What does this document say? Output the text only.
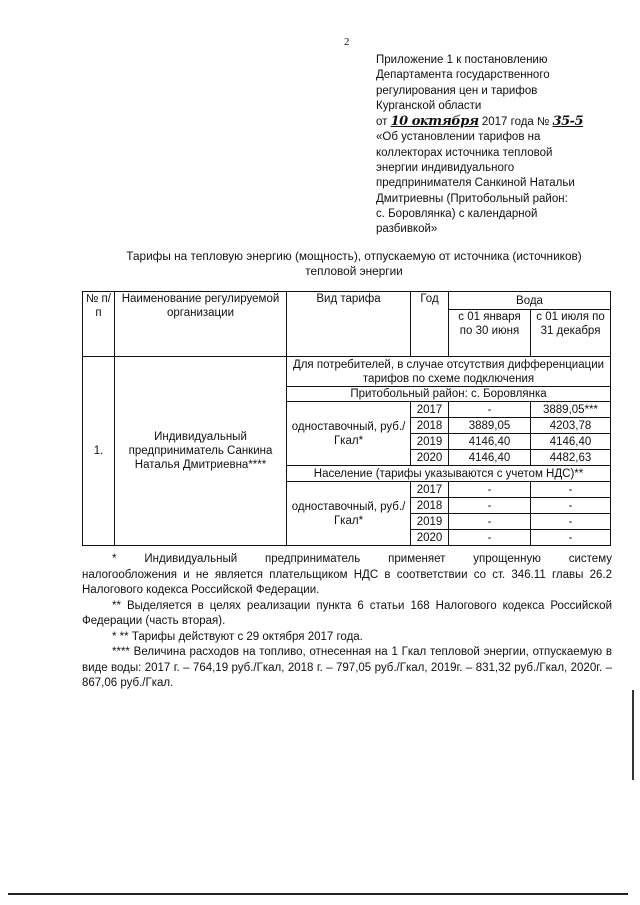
2
Приложение 1 к постановлению
Департамента государственного
регулирования цен и тарифов
Курганской области
от 10 октября 2017 года № 35-5
«Об установлении тарифов на
коллекторах источника тепловой
энергии индивидуального
предпринимателя Санкиной Натальи
Дмитриевны (Притобольный район:
с. Боровлянка) с календарной
разбивкой»
Тарифы на тепловую энергию (мощность), отпускаемую от источника (источников)
тепловой энергии
№ п/п	Наименование регулируемой организации	Вид тарифа	Год	Вода	
				с 01 января по 30 июня	с 01 июля по 31 декабря
1.	Индивидуальный предприниматель Санкина Наталья Дмитриевна****	Для потребителей, в случае отсутствия дифференциации тарифов по схеме подключения			
		Притобольный район: с. Боровлянка			
		одноставочный, руб./Гкал*	2017	-	3889,05***
			2018	3889,05	4203,78
			2019	4146,40	4146,40
			2020	4146,40	4482,63
		Население (тарифы указываются с учетом НДС)**			
		одноставочный, руб./Гкал*	2017	-	-
			2018	-	-
			2019	-	-
			2020	-	-

* Индивидуальный предприниматель применяет упрощенную систему

налогообложения и не является плательщиком НДС в соответствии со ст. 346.11 главы 26.2 Налогового кодекса Российской Федерации.

** Выделяется в целях реализации пункта 6 статьи 168 Налогового кодекса Российской Федерации (часть вторая).

* ** Тарифы действуют с 29 октября 2017 года.

**** Величина расходов на топливо, отнесенная на 1 Гкал тепловой энергии, отпускаемую в виде воды: 2017 г. – 764,19 руб./Гкал, 2018 г. – 797,05 руб./Гкал, 2019г. – 831,32 руб./Гкал, 2020г. – 867,06 руб./Гкал.
